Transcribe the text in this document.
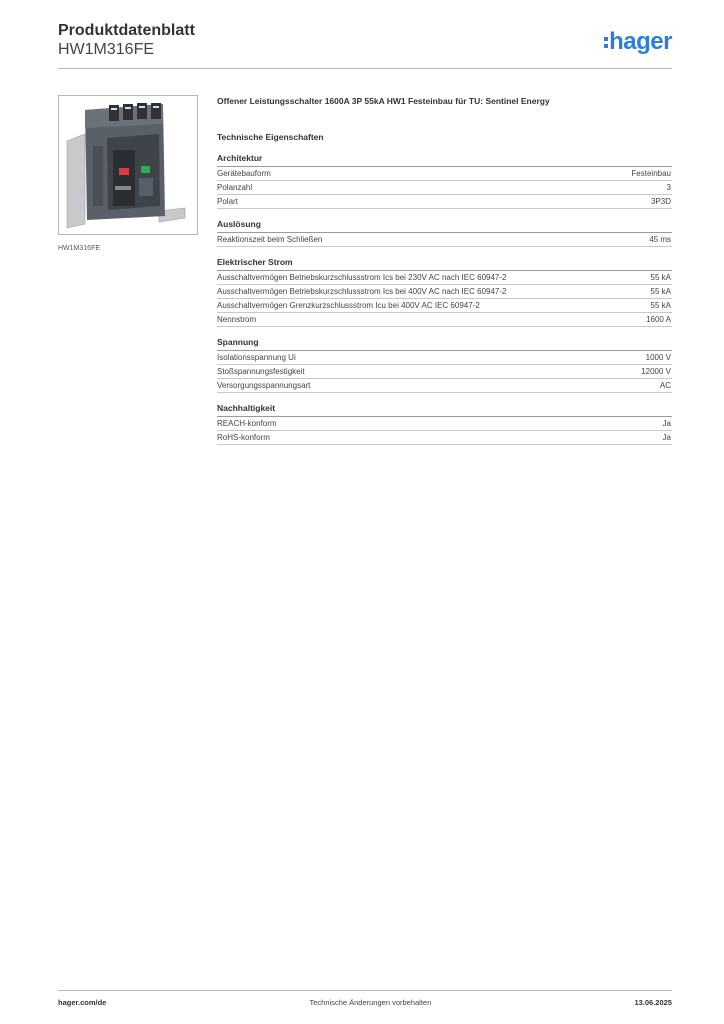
Produktdatenblatt
HW1M316FE	hager
HW1M316FE
Offener Leistungsschalter 1600A 3P 55kA HW1 Festeinbau für TU: Sentinel Energy
Technische Eigenschaften
Architektur
Gerätebauform	Festeinbau
Polanzahl	3
Polart	3P3D
Auslösung
Reaktionszeit beim Schließen	45 ms
Elektrischer Strom
Ausschaltvermögen Betriebskurzschlussstrom Ics bei 230V AC nach IEC 60947-2	55 kA
Ausschaltvermögen Betriebskurzschlussstrom Ics bei 400V AC nach IEC 60947-2	55 kA
Ausschaltvermögen Grenzkurzschlussstrom Icu bei 400V AC IEC 60947-2	55 kA
Nennstrom	1600 A
Spannung
Isolationsspannung Ui	1000 V
Stoßspannungsfestigkeit	12000 V
Versorgungsspannungsart	AC
Nachhaltigkeit
REACH-konform	Ja
RoHS-konform	Ja
hager.com/de	Technische Änderungen vorbehalten	13.06.2025
